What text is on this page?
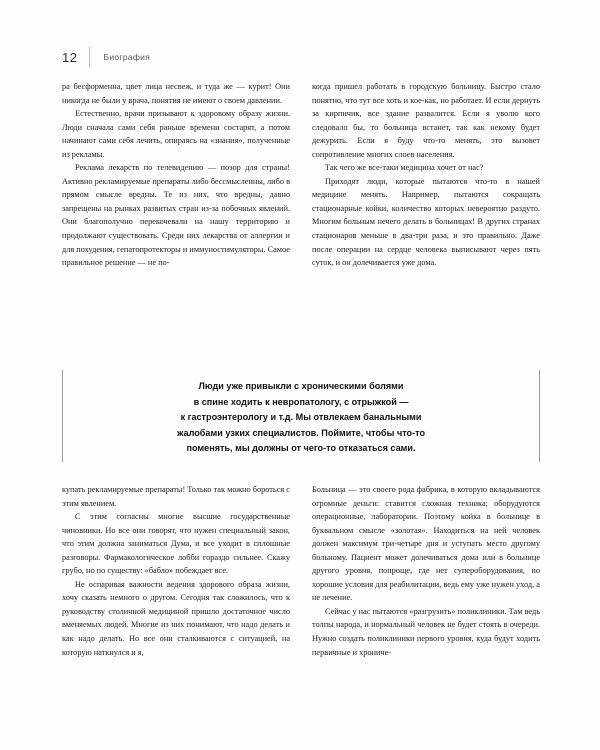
12	Биография

ра бесформенна, цвет лица несвеж, и туда же — курит! Они никогда не были у врача, понятия не имеют о своем давлении.

Естественно, врачи призывают к здоровому образу жизни. Люди сначала сами себя раньше времени состарят, а потом начинают сами себя лечить, опираясь на «знания», полученные из рекламы.

Реклама лекарств по телевидению — позор для страны! Активно рекламируемые препараты либо бессмысленны, либо в прямом смысле вредны. Те из них, что вредны, давно запрещены на рынках развитых стран из-за побочных явлений. Они благополучно перекочевали на нашу территорию и продолжают существовать. Среди них лекарства от аллергии и для похудения, гепатопротекторы и иммуностимуляторы. Самое правильное решение — не по-

когда пришел работать в городскую больницу. Быстро стало понятно, что тут все хоть и кое-как, но работает. И если дернуть за кирпичик, все здание развалится. Если я уволю кого следовало бы, то больница встанет, так как некому будет дежурить. Если я буду что-то менять, это вызовет сопротивление многих слоев населения.

Так чего же все-таки медицина хочет от нас?

Приходят люди, которые пытаются что-то в нашей медицине менять. Например, пытаются сокращать стационарные койки, количество которых невероятно раздуто. Многим больным нечего делать в больницах! В других странах стационаров меньше в два-три раза, и это правильно. Даже после операции на сердце человека выписывают через пять суток, и он долечивается уже дома.

Люди уже привыкли с хроническими болями
в спине ходить к невропатологу, с отрыжкой —
к гастроэнтерологу и т.д. Мы отвлекаем банальными
жалобами узких специалистов. Поймите, чтобы что-то
поменять, мы должны от чего-то отказаться сами.

купать рекламируемые препараты! Только так можно бороться с этим явлением.

С этим согласны многие высшие государственные чиновники. Но все они говорят, что нужен специальный закон, что этим должна заниматься Дума, и все уходит в сплошные разговоры. Фармакологическое лобби гораздо сильнее. Скажу грубо, но по существу: «бабло» побеждает все.

Не оспаривая важности ведения здорового образа жизни, хочу сказать немного о другом. Сегодня так сложилось, что к руководству столичной медициной пришло достаточное число вменяемых людей. Многие из них понимают, что надо делать и как надо делать. Но все они сталкиваются с ситуацией, на которую наткнулся и я,

Больница — это своего рода фабрика, в которую вкладываются огромные деньги: ставится сложная техника; оборудуются операционные, лаборатории. Поэтому койка в больнице в буквальном смысле «золотая». Находиться на ней человек должен максимум три-четыре дня и уступать место другому больному. Пациент может долечиваться дома или в больнице другого уровня, попроще, где нет супероборудования, но хорошие условия для реабилитации, ведь ему уже нужен уход, а не лечение.

Сейчас у нас пытаются «разгрузить» поликлиники. Там ведь толпы народа, и нормальный человек не будет стоять в очереди. Нужно создать поликлиники первого уровня, куда будут ходить первичные и хрониче-
